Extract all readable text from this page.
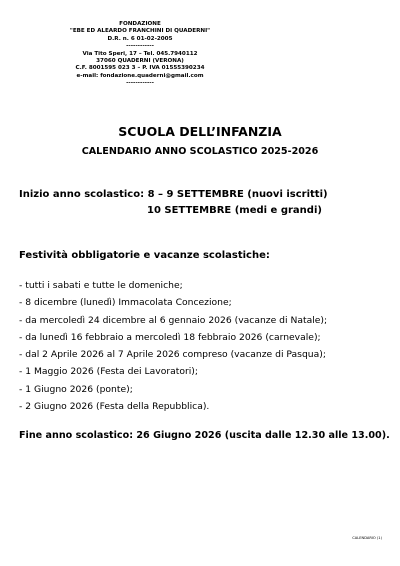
FONDAZIONE
"EBE ED ALEARDO FRANCHINI DI QUADERNI"
D.R. n. 6 01-02-2005
------------
Via Tito Speri, 17 – Tel. 045.7940112
37060 QUADERNI (VERONA)
C.F. 8001595 023 3 – P. IVA 01555390234
e-mail: fondazione.quaderni@gmail.com
------------
SCUOLA DELL’INFANZIA
CALENDARIO ANNO SCOLASTICO 2025-2026
Inizio anno scolastico: 8 – 9 SETTEMBRE (nuovi iscritti)
10 SETTEMBRE (medi e grandi)
Festività obbligatorie e vacanze scolastiche:
- tutti i sabati e tutte le domeniche;
- 8 dicembre (lunedì) Immacolata Concezione;
- da mercoledì 24 dicembre al 6 gennaio 2026 (vacanze di Natale);
- da lunedì 16 febbraio a mercoledì 18 febbraio 2026 (carnevale);
- dal 2 Aprile 2026 al 7 Aprile 2026 compreso (vacanze di Pasqua);
- 1 Maggio 2026 (Festa dei Lavoratori);
- 1 Giugno 2026 (ponte);
- 2 Giugno 2026 (Festa della Repubblica).
Fine anno scolastico: 26 Giugno 2026 (uscita dalle 12.30 alle 13.00).
CALENDARIO (1)
